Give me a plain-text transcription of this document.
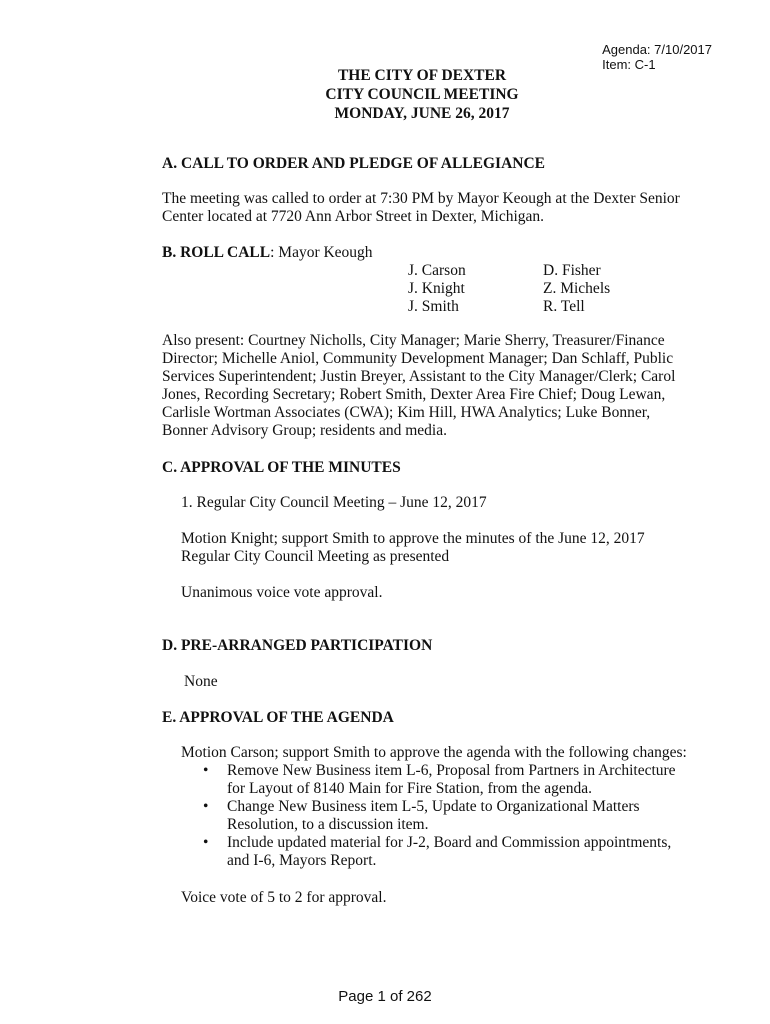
Agenda: 7/10/2017
Item: C-1
THE CITY OF DEXTER
CITY COUNCIL MEETING
MONDAY, JUNE 26, 2017
A. CALL TO ORDER AND PLEDGE OF ALLEGIANCE
The meeting was called to order at 7:30 PM by Mayor Keough at the Dexter Senior
Center located at 7720 Ann Arbor Street in Dexter, Michigan.
B. ROLL CALL: Mayor Keough
J. Carson
J. Knight
J. Smith
D. Fisher
Z. Michels
R. Tell
Also present: Courtney Nicholls, City Manager; Marie Sherry, Treasurer/Finance
Director; Michelle Aniol, Community Development Manager; Dan Schlaff, Public
Services Superintendent; Justin Breyer, Assistant to the City Manager/Clerk; Carol
Jones, Recording Secretary; Robert Smith, Dexter Area Fire Chief; Doug Lewan,
Carlisle Wortman Associates (CWA); Kim Hill, HWA Analytics; Luke Bonner,
Bonner Advisory Group; residents and media.
C. APPROVAL OF THE MINUTES
1. Regular City Council Meeting – June 12, 2017
Motion Knight; support Smith to approve the minutes of the June 12, 2017
Regular City Council Meeting as presented
Unanimous voice vote approval.
D. PRE-ARRANGED PARTICIPATION
None
E. APPROVAL OF THE AGENDA
Motion Carson; support Smith to approve the agenda with the following changes:
• Remove New Business item L-6, Proposal from Partners in Architecture
for Layout of 8140 Main for Fire Station, from the agenda.
• Change New Business item L-5, Update to Organizational Matters
Resolution, to a discussion item.
• Include updated material for J-2, Board and Commission appointments,
and I-6, Mayors Report.
Voice vote of 5 to 2 for approval.
Page 1 of 262
